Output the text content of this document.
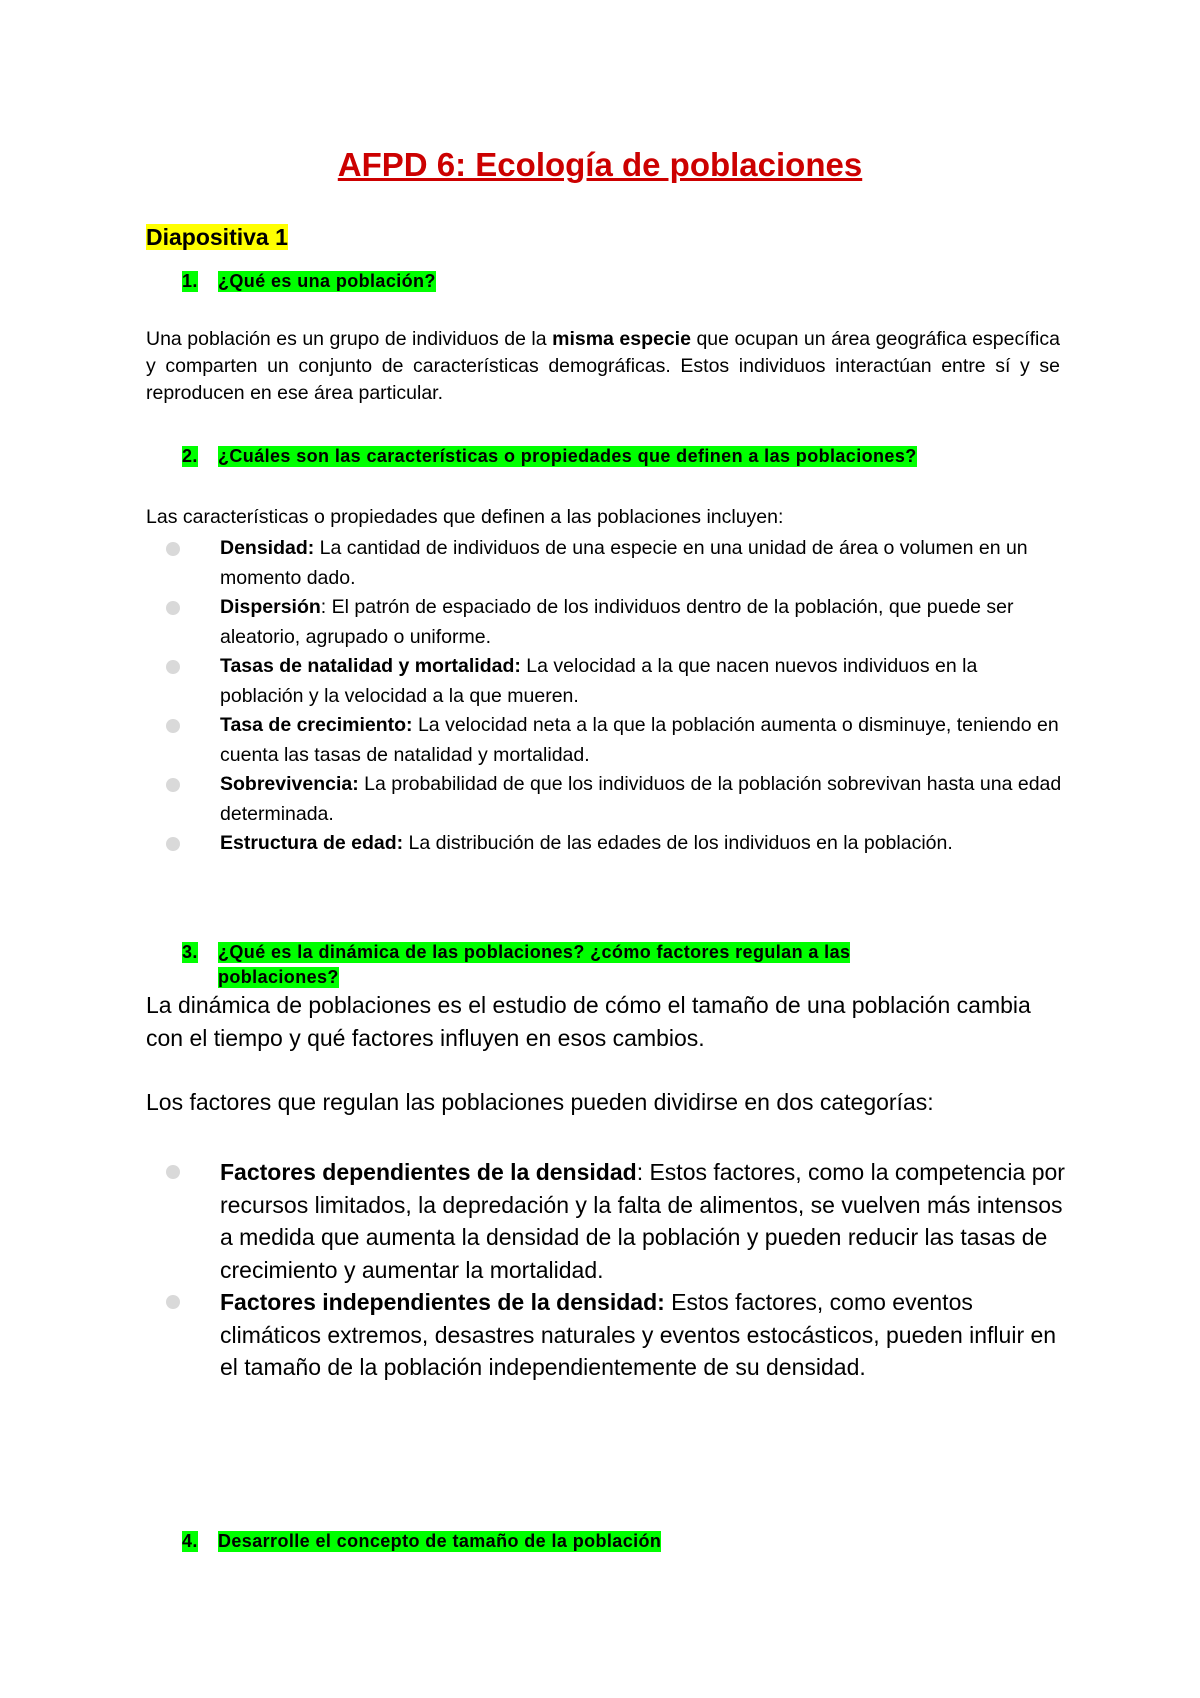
AFPD 6: Ecología de poblaciones
Diapositiva 1
1. ¿Qué es una población?
Una población es un grupo de individuos de la misma especie que ocupan un área geográfica específica y comparten un conjunto de características demográficas. Estos individuos interactúan entre sí y se reproducen en ese área particular.
2. ¿Cuáles son las características o propiedades que definen a las poblaciones?
Las características o propiedades que definen a las poblaciones incluyen:
Densidad: La cantidad de individuos de una especie en una unidad de área o volumen en un momento dado.
Dispersión: El patrón de espaciado de los individuos dentro de la población, que puede ser aleatorio, agrupado o uniforme.
Tasas de natalidad y mortalidad: La velocidad a la que nacen nuevos individuos en la población y la velocidad a la que mueren.
Tasa de crecimiento: La velocidad neta a la que la población aumenta o disminuye, teniendo en cuenta las tasas de natalidad y mortalidad.
Sobrevivencia: La probabilidad de que los individuos de la población sobrevivan hasta una edad determinada.
Estructura de edad: La distribución de las edades de los individuos en la población.
3. ¿Qué es la dinámica de las poblaciones? ¿cómo factores regulan a las
poblaciones?
La dinámica de poblaciones es el estudio de cómo el tamaño de una población cambia con el tiempo y qué factores influyen en esos cambios.
Los factores que regulan las poblaciones pueden dividirse en dos categorías:
Factores dependientes de la densidad: Estos factores, como la competencia por recursos limitados, la depredación y la falta de alimentos, se vuelven más intensos a medida que aumenta la densidad de la población y pueden reducir las tasas de crecimiento y aumentar la mortalidad.
Factores independientes de la densidad: Estos factores, como eventos climáticos extremos, desastres naturales y eventos estocásticos, pueden influir en el tamaño de la población independientemente de su densidad.
4. Desarrolle el concepto de tamaño de la población
